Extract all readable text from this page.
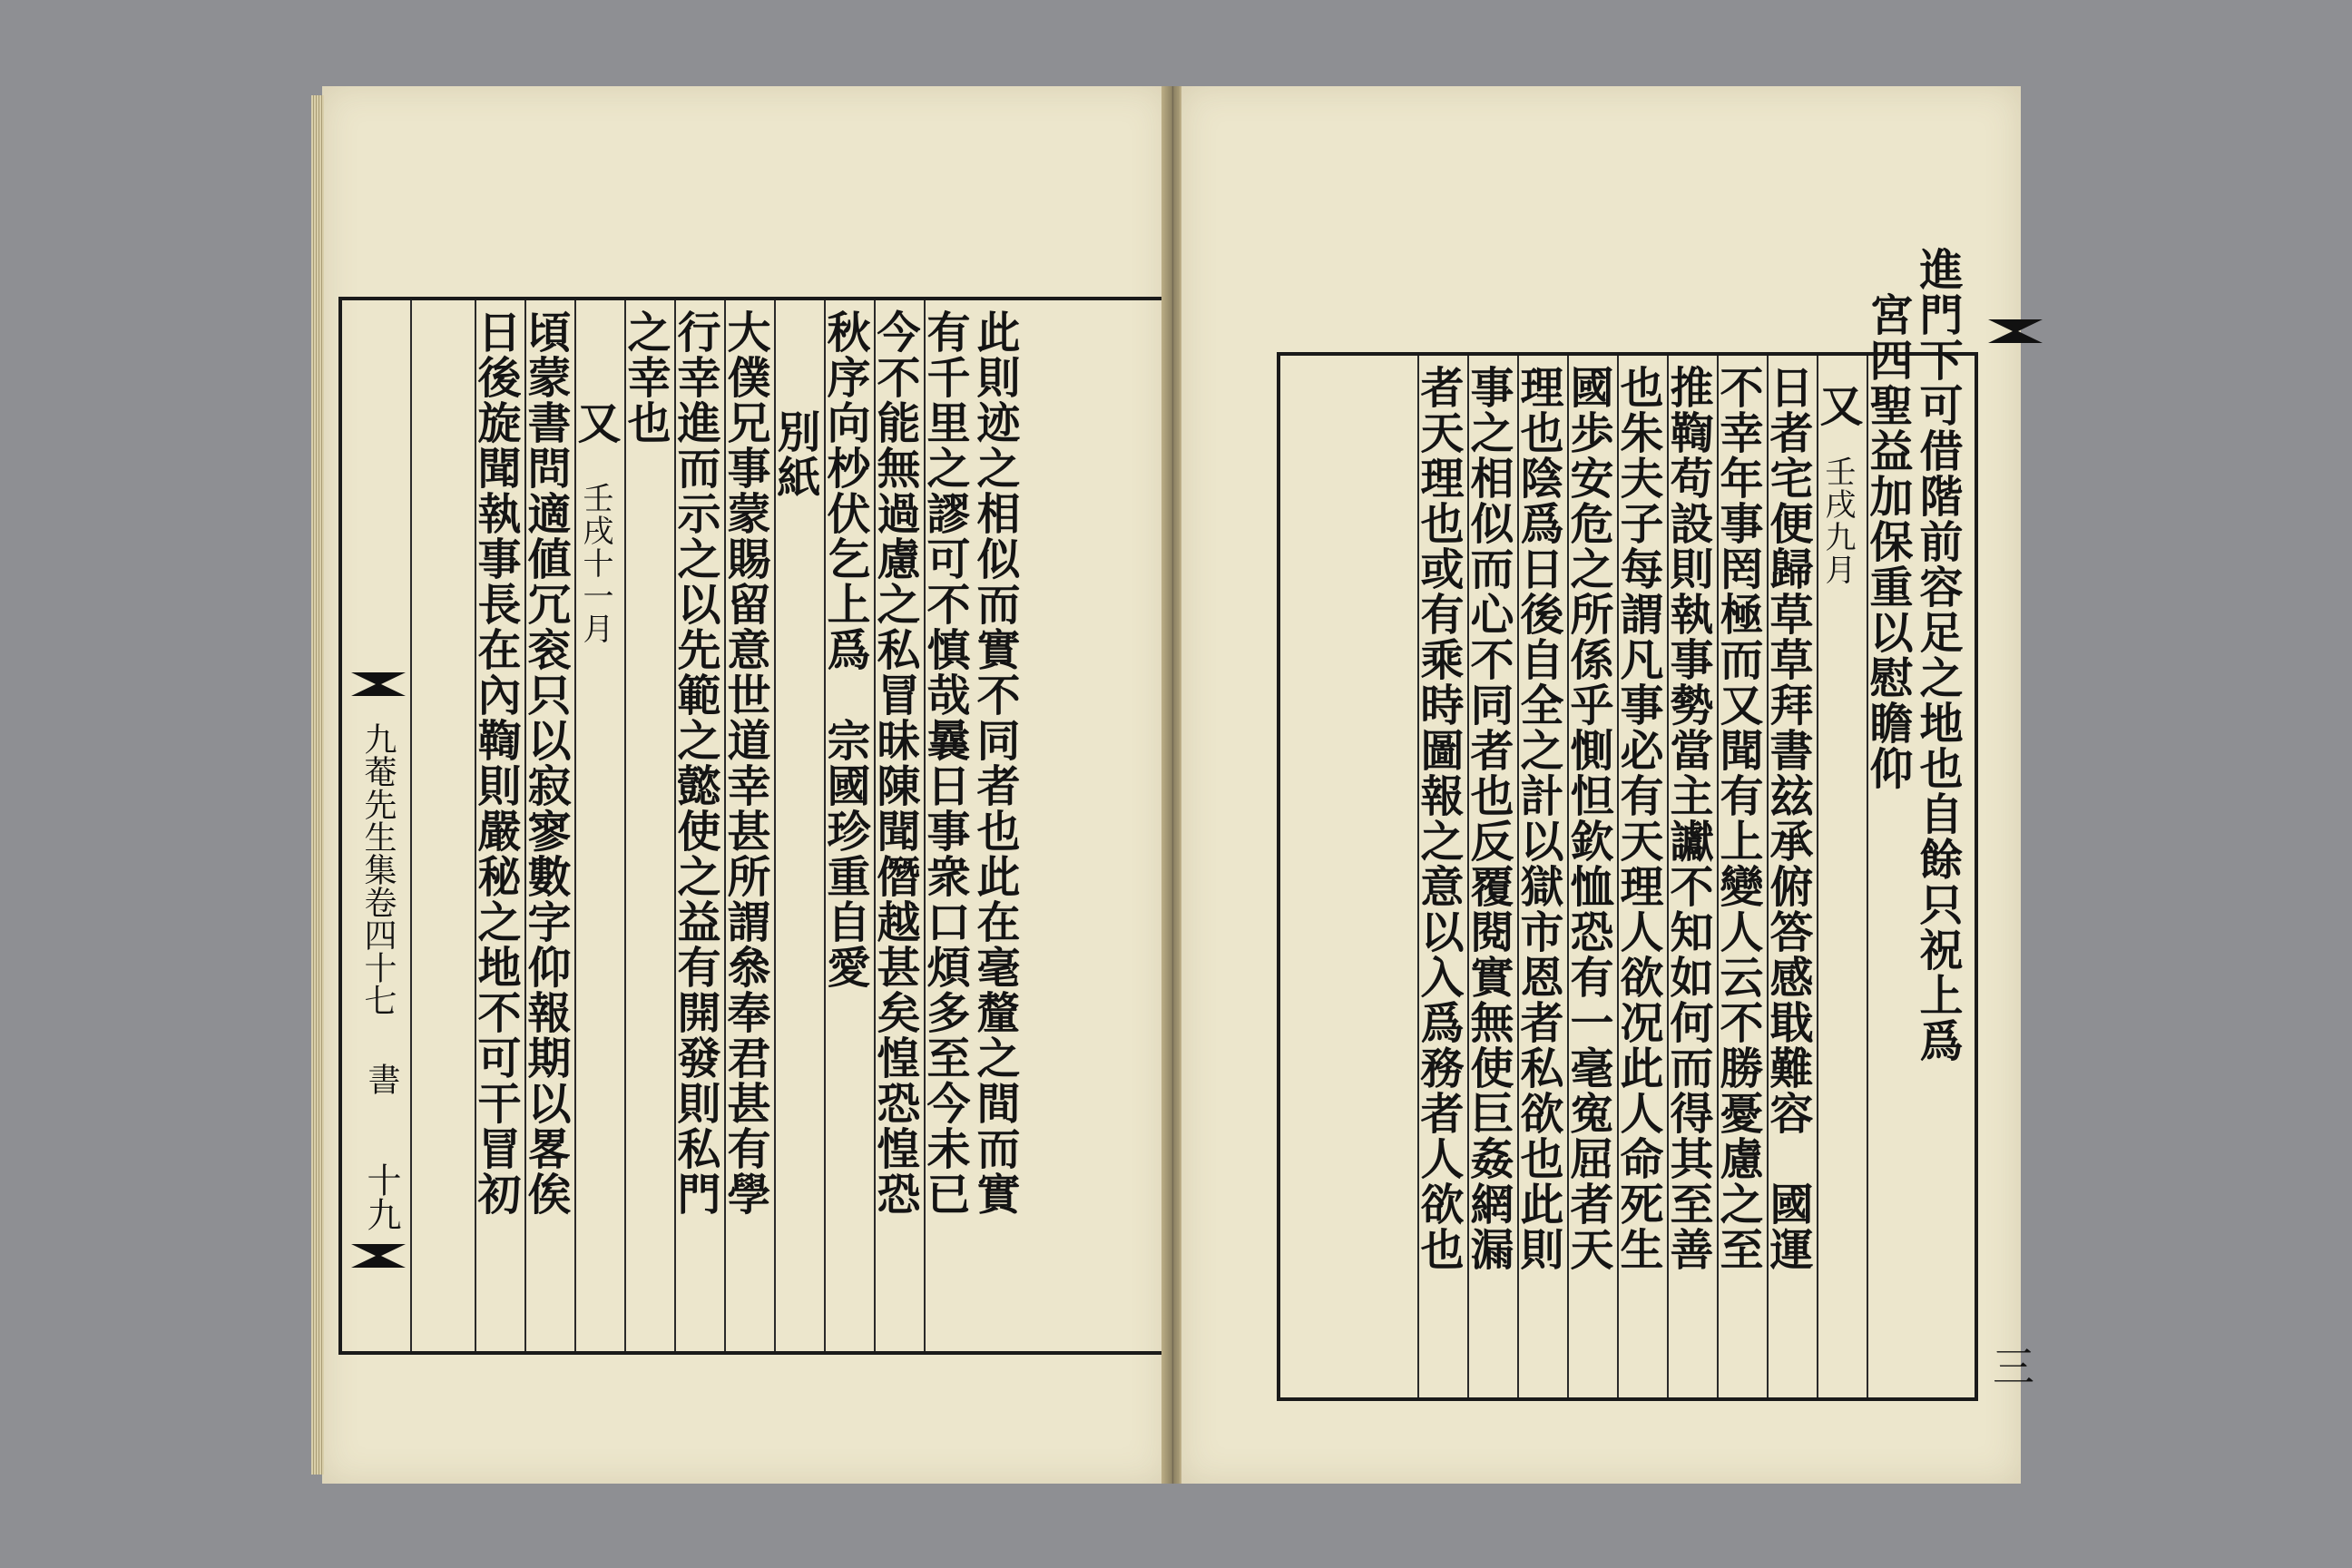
九菴先生集卷四十七
書
十九	此則迹之相似而實不同者也此在毫釐之間而實
有千里之謬可不慎哉曩日事衆口煩多至今未已
今不能無過慮之私冒昧陳聞僭越甚矣惶恐惶恐
秋序向杪伏乞上爲　宗國珍重自愛
別紙
大僕兄事蒙賜留意世道幸甚所謂叅奉君甚有學
行幸進而示之以先範之懿使之益有開發則私門
之幸也
又
壬戌十一月
頃蒙書問適値冗衮只以寂寥數字仰報期以畧俟
日後旋聞執事長在內鞫則嚴秘之地不可干冒初
三
進門下可借階前容足之地也自餘只祝上爲
宮四聖益加保重以慰瞻仰
又
壬戌九月
日者宅便歸草草拜書玆承俯答感戢難容　國運
不幸年事罔極而又聞有上變人云不勝憂慮之至
推鞫苟設則執事勢當主讞不知如何而得其至善
也朱夫子每謂凡事必有天理人欲况此人命死生
國歩安危之所係乎惻怛欽恤恐有一毫寃屈者天
理也陰爲日後自全之計以獄市恩者私欲也此則
事之相似而心不同者也反覆閱實無使巨姦網漏
者天理也或有乘時圖報之意以入爲務者人欲也
